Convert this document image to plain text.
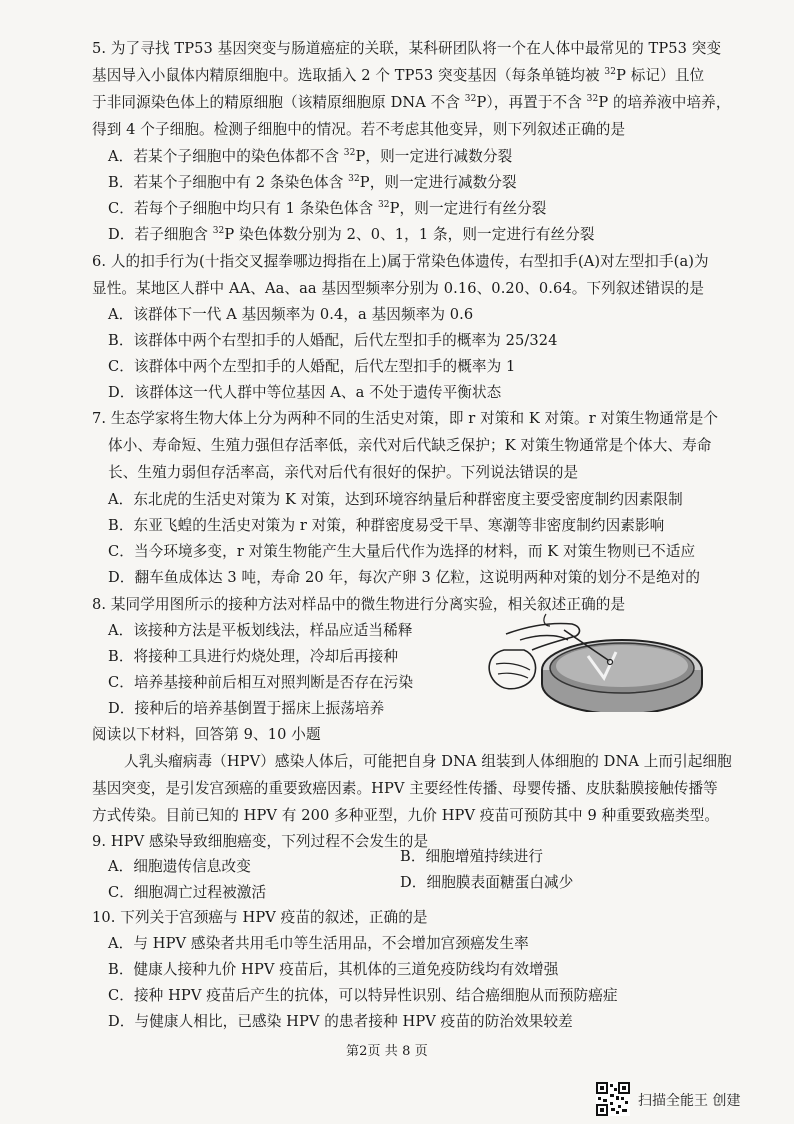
5. 为了寻找 TP53 基因突变与肠道癌症的关联，某科研团队将一个在人体中最常见的 TP53 突变
基因导入小鼠体内精原细胞中。选取插入 2 个 TP53 突变基因（每条单链均被 $^{32}$P 标记）且位
于非同源染色体上的精原细胞（该精原细胞原 DNA 不含 $^{32}$P），再置于不含 $^{32}$P 的培养液中培养，
得到 4 个子细胞。检测子细胞中的情况。若不考虑其他变异，则下列叙述正确的是
A．若某个子细胞中的染色体都不含 $^{32}$P，则一定进行减数分裂
B．若某个子细胞中有 2 条染色体含 $^{32}$P，则一定进行减数分裂
C．若每个子细胞中均只有 1 条染色体含 $^{32}$P，则一定进行有丝分裂
D．若子细胞含 $^{32}$P 染色体数分别为 2、0、1，1 条，则一定进行有丝分裂
6. 人的扣手行为(十指交叉握拳哪边拇指在上)属于常染色体遗传，右型扣手(A)对左型扣手(a)为
显性。某地区人群中 AA、Aa、aa 基因型频率分别为 0.16、0.20、0.64。下列叙述错误的是
A．该群体下一代 A 基因频率为 0.4，a 基因频率为 0.6
B．该群体中两个右型扣手的人婚配，后代左型扣手的概率为 25/324
C．该群体中两个左型扣手的人婚配，后代左型扣手的概率为 1
D．该群体这一代人群中等位基因 A、a 不处于遗传平衡状态
7. 生态学家将生物大体上分为两种不同的生活史对策，即 r 对策和 K 对策。r 对策生物通常是个
体小、寿命短、生殖力强但存活率低，亲代对后代缺乏保护；K 对策生物通常是个体大、寿命
长、生殖力弱但存活率高，亲代对后代有很好的保护。下列说法错误的是
A．东北虎的生活史对策为 K 对策，达到环境容纳量后种群密度主要受密度制约因素限制
B．东亚飞蝗的生活史对策为 r 对策，种群密度易受干旱、寒潮等非密度制约因素影响
C．当今环境多变，r 对策生物能产生大量后代作为选择的材料，而 K 对策生物则已不适应
D．翻车鱼成体达 3 吨，寿命 20 年，每次产卵 3 亿粒，这说明两种对策的划分不是绝对的
8. 某同学用图所示的接种方法对样品中的微生物进行分离实验，相关叙述正确的是
A．该接种方法是平板划线法，样品应适当稀释
B．将接种工具进行灼烧处理，冷却后再接种
C．培养基接种前后相互对照判断是否存在污染
D．接种后的培养基倒置于摇床上振荡培养
阅读以下材料，回答第 9、10 小题
人乳头瘤病毒（HPV）感染人体后，可能把自身 DNA 组装到人体细胞的 DNA 上而引起细胞
基因突变，是引发宫颈癌的重要致癌因素。HPV 主要经性传播、母婴传播、皮肤黏膜接触传播等
方式传染。目前已知的 HPV 有 200 多种亚型，九价 HPV 疫苗可预防其中 9 种重要致癌类型。
9. HPV 感染导致细胞癌变，下列过程不会发生的是
A．细胞遗传信息改变
B．细胞增殖持续进行
C．细胞凋亡过程被激活
D．细胞膜表面糖蛋白减少
10. 下列关于宫颈癌与 HPV 疫苗的叙述，正确的是
A．与 HPV 感染者共用毛巾等生活用品，不会增加宫颈癌发生率
B．健康人接种九价 HPV 疫苗后，其机体的三道免疫防线均有效增强
C．接种 HPV 疫苗后产生的抗体，可以特异性识别、结合癌细胞从而预防癌症
D．与健康人相比，已感染 HPV 的患者接种 HPV 疫苗的防治效果较差
第2页 共 8 页
扫描全能王 创建
